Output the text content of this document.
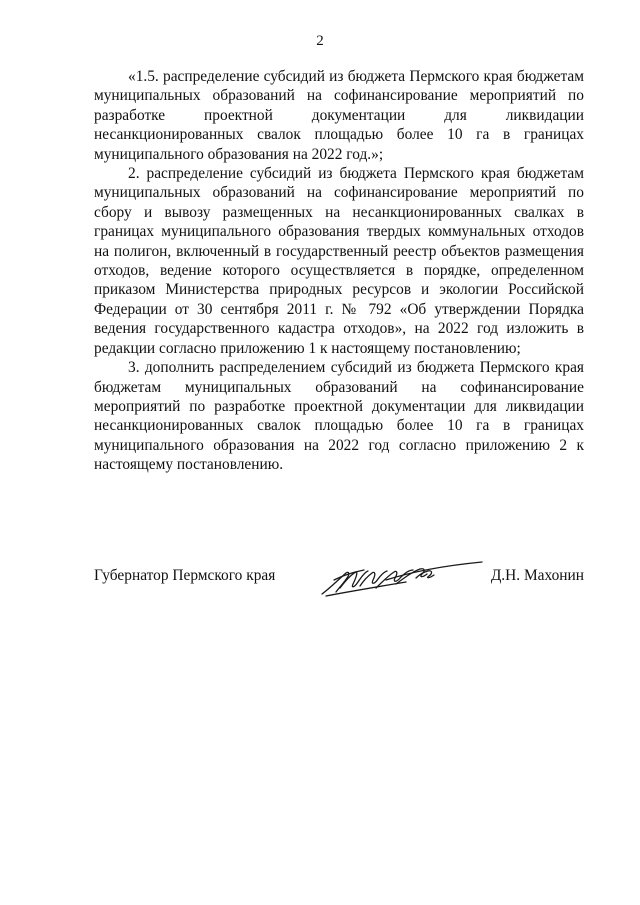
2

«1.5. распределение субсидий из бюджета Пермского края бюджетам муниципальных образований на софинансирование мероприятий по разработке проектной документации для ликвидации несанкционированных свалок площадью более 10 га в границах муниципального образования на 2022 год.»;

2. распределение субсидий из бюджета Пермского края бюджетам муниципальных образований на софинансирование мероприятий по сбору и вывозу размещенных на несанкционированных свалках в границах муниципального образования твердых коммунальных отходов на полигон, включенный в государственный реестр объектов размещения отходов, ведение которого осуществляется в порядке, определенном приказом Министерства природных ресурсов и экологии Российской Федерации от 30 сентября 2011 г. № 792 «Об утверждении Порядка ведения государственного кадастра отходов», на 2022 год изложить в редакции согласно приложению 1 к настоящему постановлению;

3. дополнить распределением субсидий из бюджета Пермского края бюджетам муниципальных образований на софинансирование мероприятий по разработке проектной документации для ликвидации несанкционированных свалок площадью более 10 га в границах муниципального образования на 2022 год согласно приложению 2 к настоящему постановлению.

Губернатор Пермского края	Д.Н. Махонин
